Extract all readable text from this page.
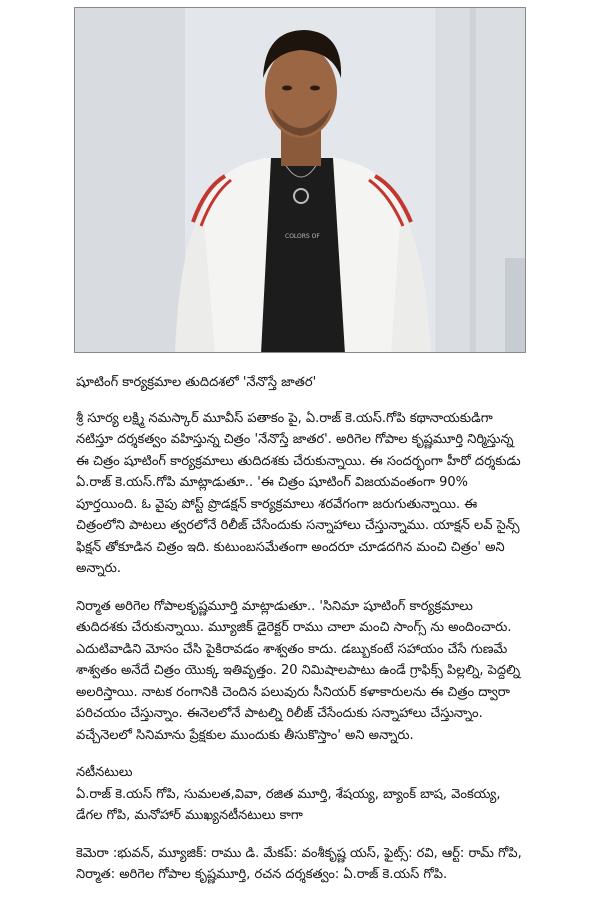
COLORS OF

షూటింగ్ కార్యక్రమాల తుదిదశలో 'నేనొస్తే జాతర'

శ్రీ సూర్య లక్ష్మి నమస్కార్ మూవీస్ పతాకం పై, ఏ.రాజ్ కె.యస్.గోపి కథానాయకుడిగా నటిస్తూ దర్శకత్వం వహిస్తున్న చిత్రం 'నేనొస్తే జాతర'. అరిగెల గోపాల కృష్ణమూర్తి నిర్మిస్తున్న ఈ చిత్రం షూటింగ్ కార్యక్రమాలు తుదిదశకు చేరుకున్నాయి. ఈ సందర్భంగా హీరో దర్శకుడు ఏ.రాజ్ కె.యస్.గోపి మాట్లాడుతూ.. 'ఈ చిత్రం షూటింగ్ విజయవంతంగా 90% పూర్తయింది. ఓ వైపు పోస్ట్ ప్రొడక్షన్ కార్యక్రమాలు శరవేగంగా జరుగుతున్నాయి. ఈ చిత్రంలోని పాటలు త్వరలోనే రిలీజ్ చేసేందుకు సన్నాహాలు చేస్తున్నాము. యాక్షన్ లవ్ సైన్స్ ఫిక్షన్ తోకూడిన చిత్రం ఇది. కుటుంబసమేతంగా అందరూ చూడదగిన మంచి చిత్రం' అని అన్నారు.

నిర్మాత అరిగెల గోపాలకృష్ణమూర్తి మాట్లాడుతూ.. 'సినిమా షూటింగ్ కార్యక్రమాలు తుదిదశకు చేరుకున్నాయి. మ్యూజిక్ డైరెక్టర్ రాము చాలా మంచి సాంగ్స్ ను అందించారు. ఎదుటివాడిని మోసం చేసి పైకిరావడం శాశ్వతం కాదు. డబ్బుకంటే సహాయం చేసే గుణమే శాశ్వతం అనేదే చిత్రం యొక్క ఇతివృత్తం. 20 నిమిషాలపాటు ఉండే గ్రాఫిక్స్ పిల్లల్ని, పెద్దల్ని అలరిస్తాయి. నాటక రంగానికి చెందిన పలువురు సీనియర్ కళాకారులను ఈ చిత్రం ద్వారా పరిచయం చేస్తున్నాం. ఈనెలలోనే పాటల్ని రిలీజ్ చేసేందుకు సన్నాహాలు చేస్తున్నాం. వచ్చేనెలలో సినిమాను ప్రేక్షకుల ముందుకు తీసుకొస్తాం' అని అన్నారు.

నటీనటులు

ఏ.రాజ్ కె.యస్ గోపి, సుమలత,వివా, రజిత మూర్తి, శేషయ్య, బ్యాంక్ బాష, వెంకయ్య, డేగల గోపి, మనోహార్ ముఖ్యనటీనటులు కాగా

కెమెరా :భువన్, మ్యూజిక్: రాము డి. మేకప్: వంశీకృష్ణ యస్, ఫైట్స్: రవి, ఆర్ట్: రామ్ గోపి,

నిర్మాత: అరిగెల గోపాల కృష్ణమూర్తి, రచన దర్శకత్వం: ఏ.రాజ్ కె.యస్ గోపి.
